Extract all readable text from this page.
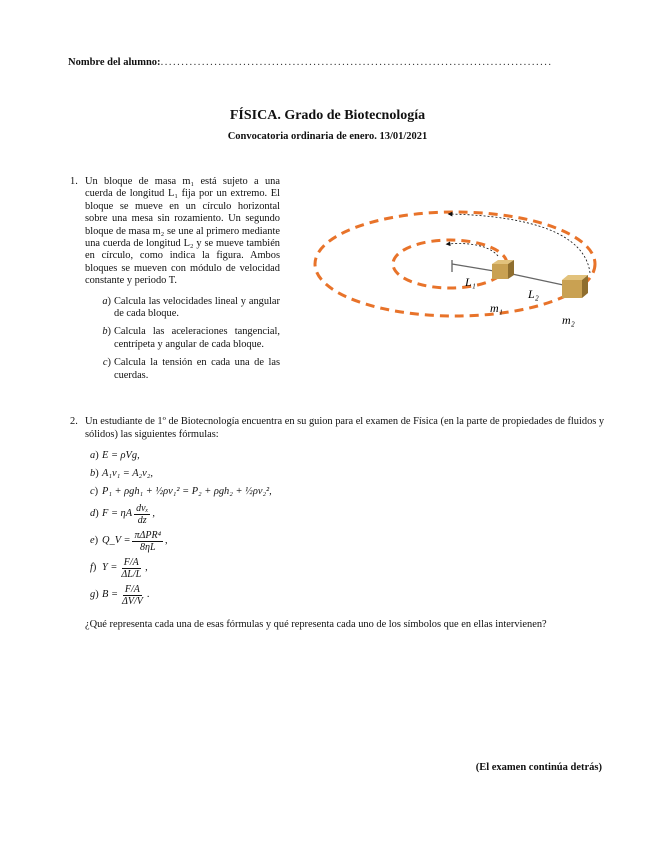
Nombre del alumno: ...............................................................................................
FÍSICA. Grado de Biotecnología
Convocatoria ordinaria de enero. 13/01/2021
1. Un bloque de masa m₁ está sujeto a una cuerda de longitud L₁ fija por un extremo. El bloque se mueve en un círculo horizontal sobre una mesa sin rozamiento. Un segundo bloque de masa m₂ se une al primero mediante una cuerda de longitud L₂ y se mueve también en círculo, como indica la figura. Ambos bloques se mueven con módulo de velocidad constante y periodo T.
a ) Calcula las velocidades lineal y angular de cada bloque.
b ) Calcula las aceleraciones tangencial, centrípeta y angular de cada bloque.
c ) Calcula la tensión en cada una de las cuerdas.
L₁
L₂
m₁
m₂
2. Un estudiante de 1º de Biotecnología encuentra en su guion para el examen de Física (en la parte de propiedades de fluidos y sólidos) las siguientes fórmulas:
a ) E = ρVg,
b ) A₁v₁ = A₂v₂,
c ) P₁ + ρgh₁ + ½ρv₁² = P₂ + ρgh₂ + ½ρv₂²,
d ) F = ηA $\frac{\text{dvₓ}}{dz}$ ,
e ) Q_V = $\frac{\text{πΔPR⁴}}{8\eta L}$ ,
f ) $Y = \frac{F/A}{\Delta L/L}$ ,
g ) $B = \frac{F/A}{\Delta V/V}$ .
¿Qué representa cada una de esas fórmulas y qué representa cada uno de los símbolos que en ellas intervienen?
(El examen continúa detrás)
